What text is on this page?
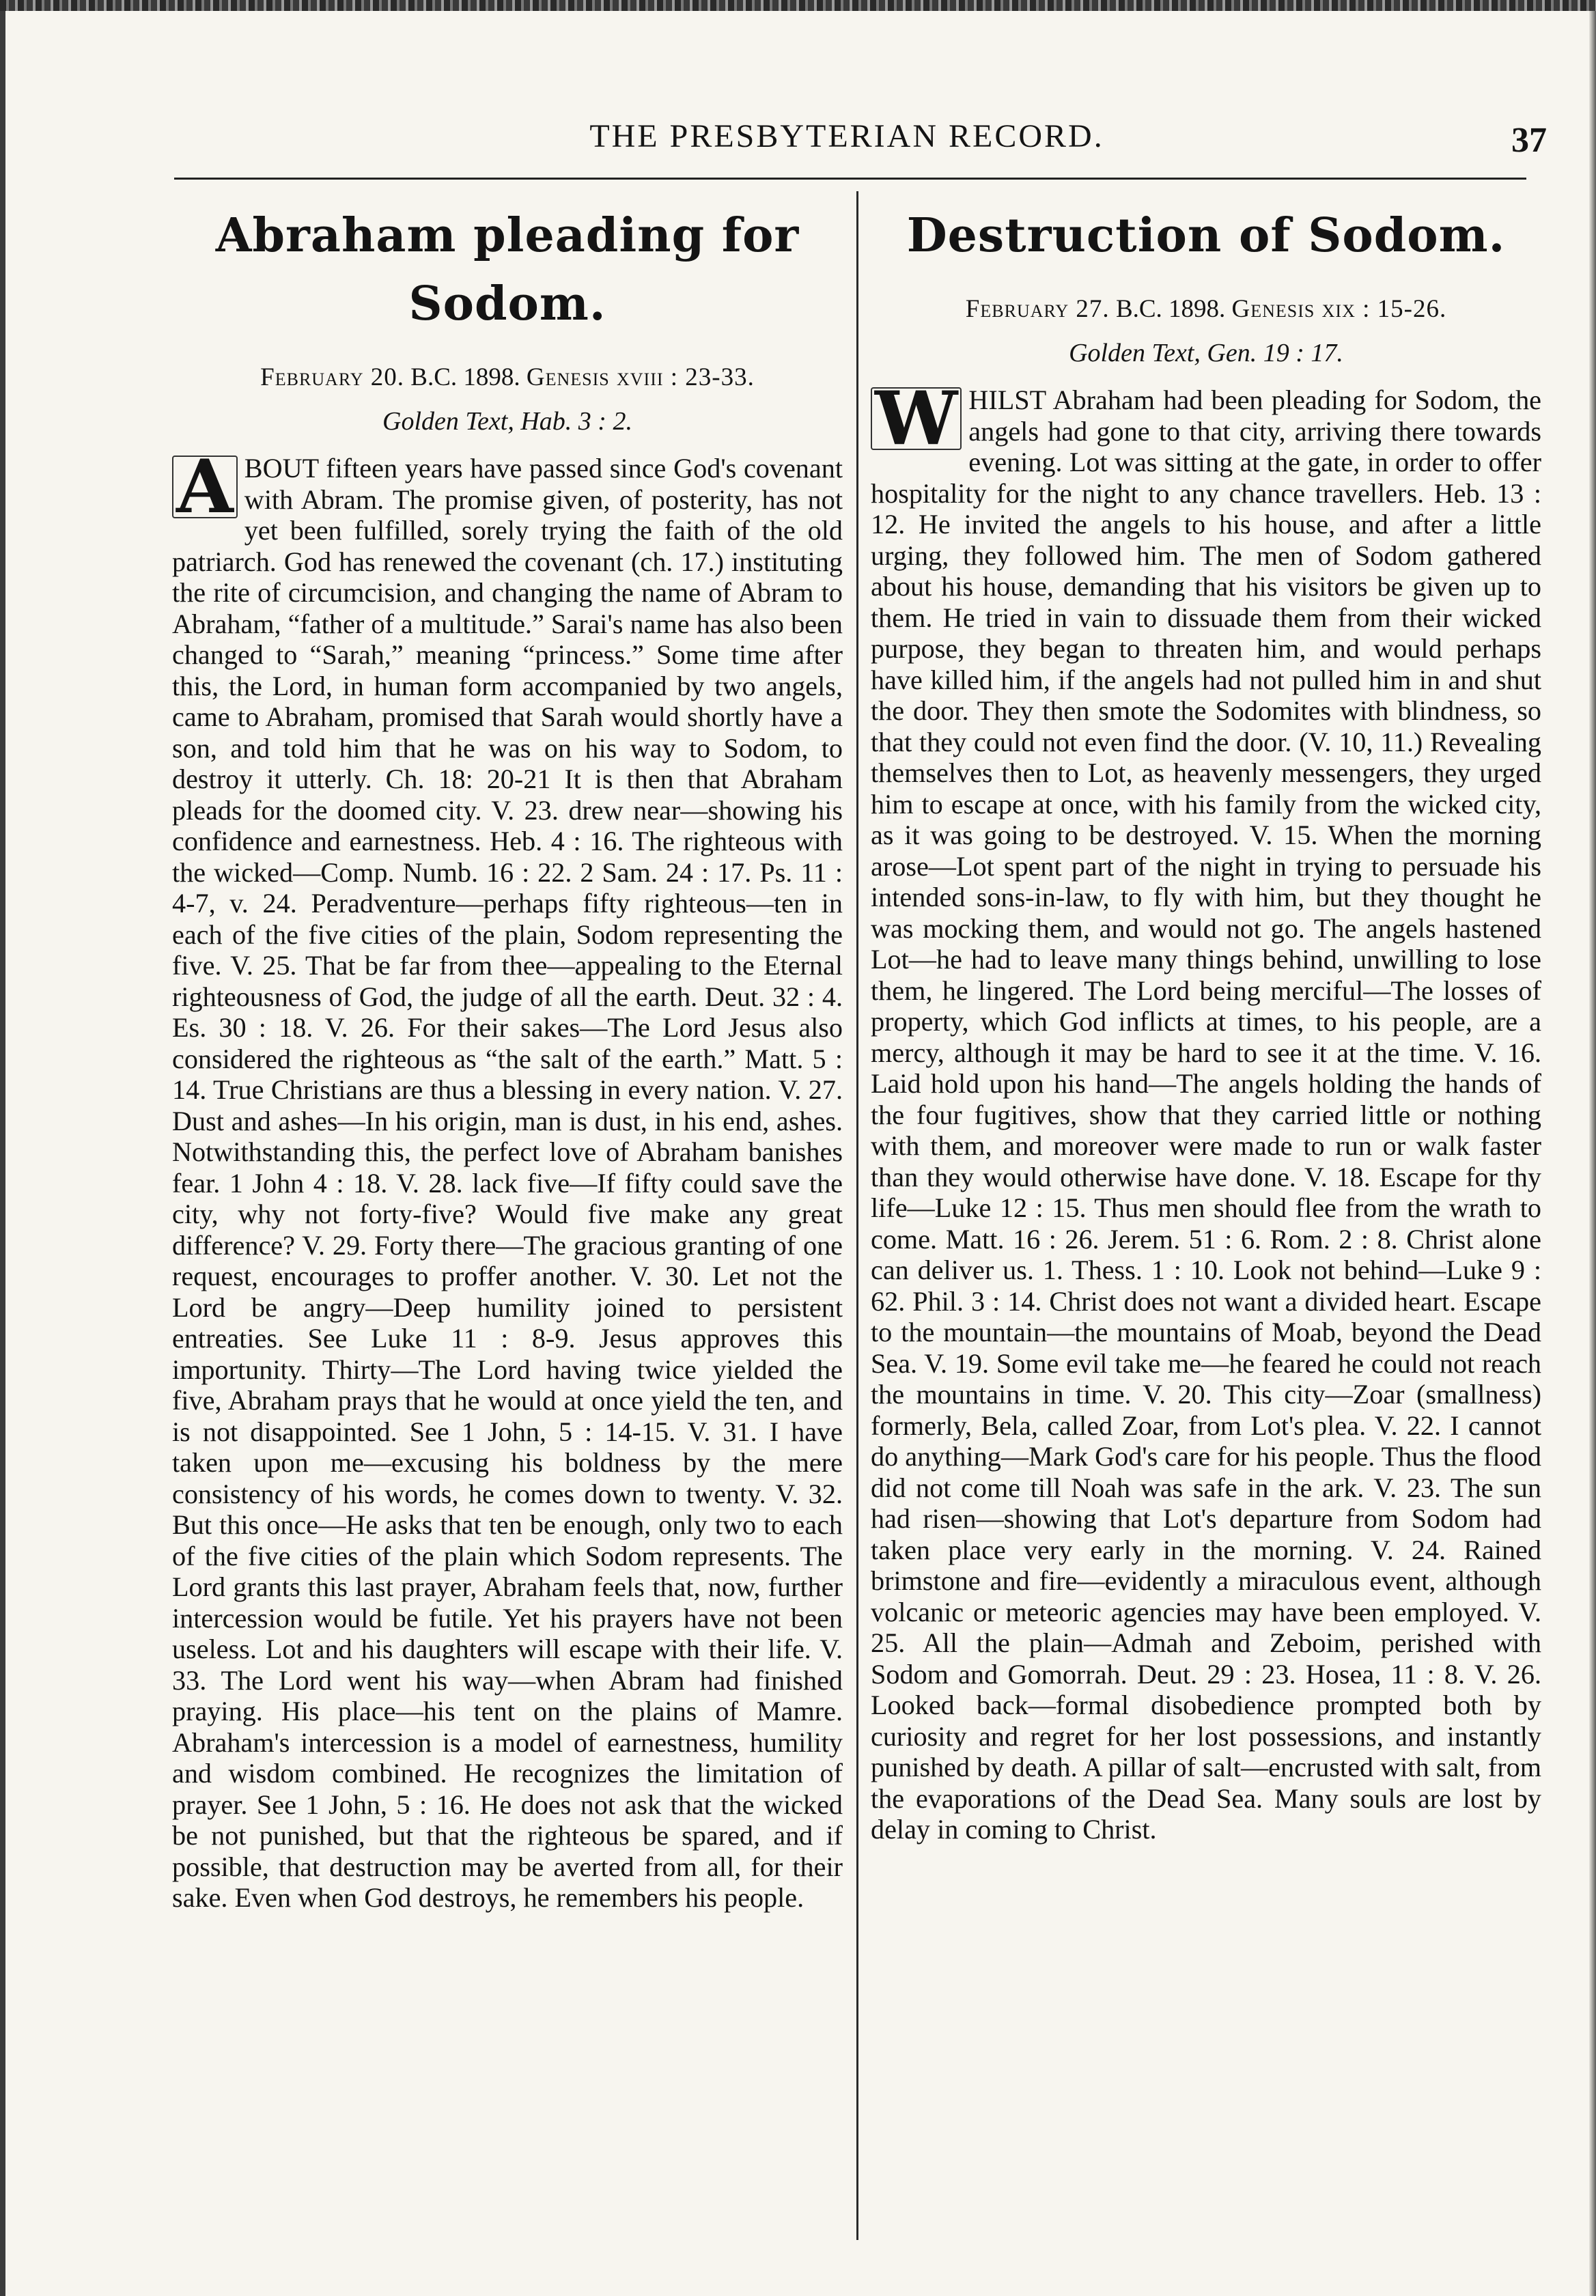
THE PRESBYTERIAN RECORD.	37
Abraham pleading for Sodom.
February 20. B.C. 1898. Genesis xviii : 23-33.
Golden Text, Hab. 3 : 2.

A BOUT fifteen years have passed since God's covenant with Abram. The promise given, of posterity, has not yet been fulfilled, sorely trying the faith of the old patriarch. God has renewed the covenant (ch. 17.) instituting the rite of circumcision, and changing the name of Abram to Abraham, “father of a multitude.” Sarai's name has also been changed to “Sarah,” meaning “princess.” Some time after this, the Lord, in human form accompanied by two angels, came to Abraham, promised that Sarah would shortly have a son, and told him that he was on his way to Sodom, to destroy it utterly. Ch. 18: 20-21 It is then that Abraham pleads for the doomed city. V. 23. drew near—showing his confidence and earnestness. Heb. 4 : 16. The righteous with the wicked—Comp. Numb. 16 : 22. 2 Sam. 24 : 17. Ps. 11 : 4-7, v. 24. Peradventure—perhaps fifty righteous—ten in each of the five cities of the plain, Sodom representing the five. V. 25. That be far from thee—appealing to the Eternal righteousness of God, the judge of all the earth. Deut. 32 : 4. Es. 30 : 18. V. 26. For their sakes—The Lord Jesus also considered the righteous as “the salt of the earth.” Matt. 5 : 14. True Christians are thus a blessing in every nation. V. 27. Dust and ashes—In his origin, man is dust, in his end, ashes. Notwithstanding this, the perfect love of Abraham banishes fear. 1 John 4 : 18. V. 28. lack five—If fifty could save the city, why not forty-five? Would five make any great difference? V. 29. Forty there—The gracious granting of one request, encourages to proffer another. V. 30. Let not the Lord be angry—Deep humility joined to persistent entreaties. See Luke 11 : 8-9. Jesus approves this importunity. Thirty—The Lord having twice yielded the five, Abraham prays that he would at once yield the ten, and is not disappointed. See 1 John, 5 : 14-15. V. 31. I have taken upon me—excusing his boldness by the mere consistency of his words, he comes down to twenty. V. 32. But this once—He asks that ten be enough, only two to each of the five cities of the plain which Sodom represents. The Lord grants this last prayer, Abraham feels that, now, further intercession would be futile. Yet his prayers have not been useless. Lot and his daughters will escape with their life. V. 33. The Lord went his way—when Abram had finished praying. His place—his tent on the plains of Mamre. Abraham's intercession is a model of earnestness, humility and wisdom combined. He recognizes the limitation of prayer. See 1 John, 5 : 16. He does not ask that the wicked be not punished, but that the righteous be spared, and if possible, that destruction may be averted from all, for their sake. Even when God destroys, he remembers his people.

Destruction of Sodom.
February 27. B.C. 1898. Genesis xix : 15-26.
Golden Text, Gen. 19 : 17.

W HILST Abraham had been pleading for Sodom, the angels had gone to that city, arriving there towards evening. Lot was sitting at the gate, in order to offer hospitality for the night to any chance travellers. Heb. 13 : 12. He invited the angels to his house, and after a little urging, they followed him. The men of Sodom gathered about his house, demanding that his visitors be given up to them. He tried in vain to dissuade them from their wicked purpose, they began to threaten him, and would perhaps have killed him, if the angels had not pulled him in and shut the door. They then smote the Sodomites with blindness, so that they could not even find the door. (V. 10, 11.) Revealing themselves then to Lot, as heavenly messengers, they urged him to escape at once, with his family from the wicked city, as it was going to be destroyed. V. 15. When the morning arose—Lot spent part of the night in trying to persuade his intended sons-in-law, to fly with him, but they thought he was mocking them, and would not go. The angels hastened Lot—he had to leave many things behind, unwilling to lose them, he lingered. The Lord being merciful—The losses of property, which God inflicts at times, to his people, are a mercy, although it may be hard to see it at the time. V. 16. Laid hold upon his hand—The angels holding the hands of the four fugitives, show that they carried little or nothing with them, and moreover were made to run or walk faster than they would otherwise have done. V. 18. Escape for thy life—Luke 12 : 15. Thus men should flee from the wrath to come. Matt. 16 : 26. Jerem. 51 : 6. Rom. 2 : 8. Christ alone can deliver us. 1. Thess. 1 : 10. Look not behind—Luke 9 : 62. Phil. 3 : 14. Christ does not want a divided heart. Escape to the mountain—the mountains of Moab, beyond the Dead Sea. V. 19. Some evil take me—he feared he could not reach the mountains in time. V. 20. This city—Zoar (smallness) formerly, Bela, called Zoar, from Lot's plea. V. 22. I cannot do anything—Mark God's care for his people. Thus the flood did not come till Noah was safe in the ark. V. 23. The sun had risen—showing that Lot's departure from Sodom had taken place very early in the morning. V. 24. Rained brimstone and fire—evidently a miraculous event, although volcanic or meteoric agencies may have been employed. V. 25. All the plain—Admah and Zeboim, perished with Sodom and Gomorrah. Deut. 29 : 23. Hosea, 11 : 8. V. 26. Looked back—formal disobedience prompted both by curiosity and regret for her lost possessions, and instantly punished by death. A pillar of salt—encrusted with salt, from the evaporations of the Dead Sea. Many souls are lost by delay in coming to Christ.
